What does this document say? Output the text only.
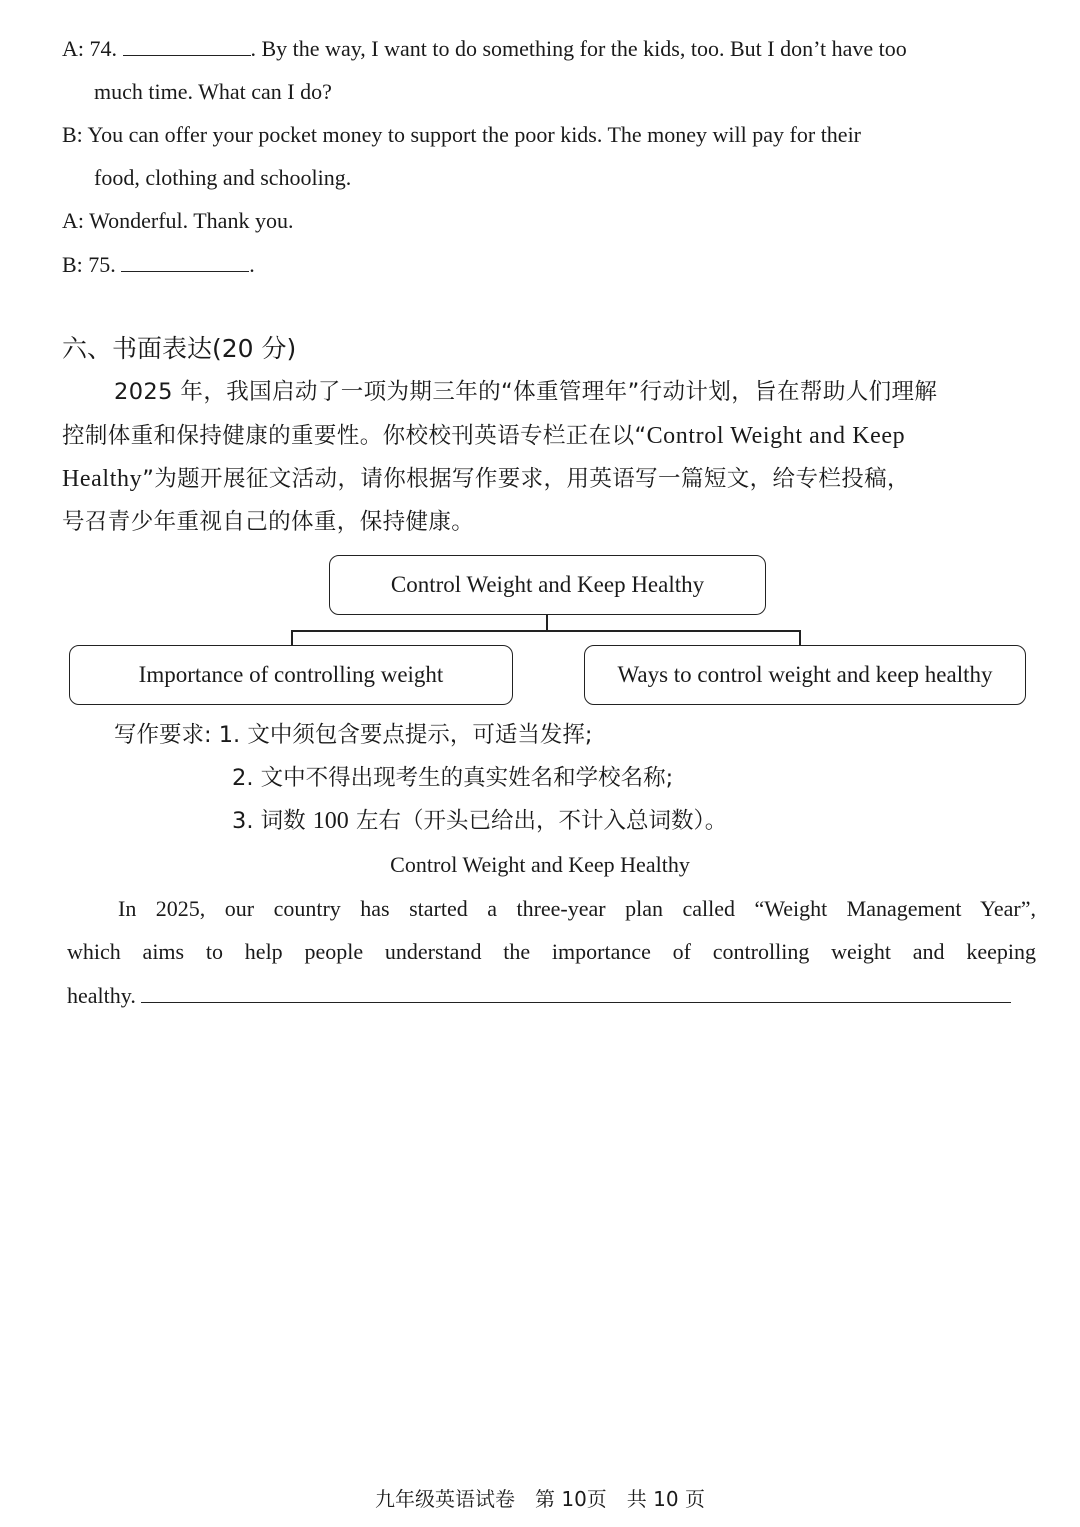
A: 74.	. By the way, I want to do something for the kids, too. But I don’t have too
much time. What can I do?
B: You can offer your pocket money to support the poor kids. The money will pay for their
food, clothing and schooling.
A: Wonderful. Thank you.
B: 75.	.
六、书面表达(20 分)
2025 年，我国启动了一项为期三年的“体重管理年”行动计划，旨在帮助人们理解
控制体重和保持健康的重要性。你校校刊英语专栏正在以“Control Weight and Keep
Healthy”为题开展征文活动，请你根据写作要求，用英语写一篇短文，给专栏投稿，
号召青少年重视自己的体重，保持健康。
Control Weight and Keep Healthy
Importance of controlling weight	Ways to control weight and keep healthy
写作要求: 1. 文中须包含要点提示，可适当发挥;
2. 文中不得出现考生的真实姓名和学校名称;
3. 词数 100 左右（开头已给出，不计入总词数）。
Control Weight and Keep Healthy
In 2025, our country has started a three-year plan called “Weight Management Year”,
which aims to help people understand the importance of controlling weight and keeping
healthy.
九年级英语试卷　第 10页　共 10 页
